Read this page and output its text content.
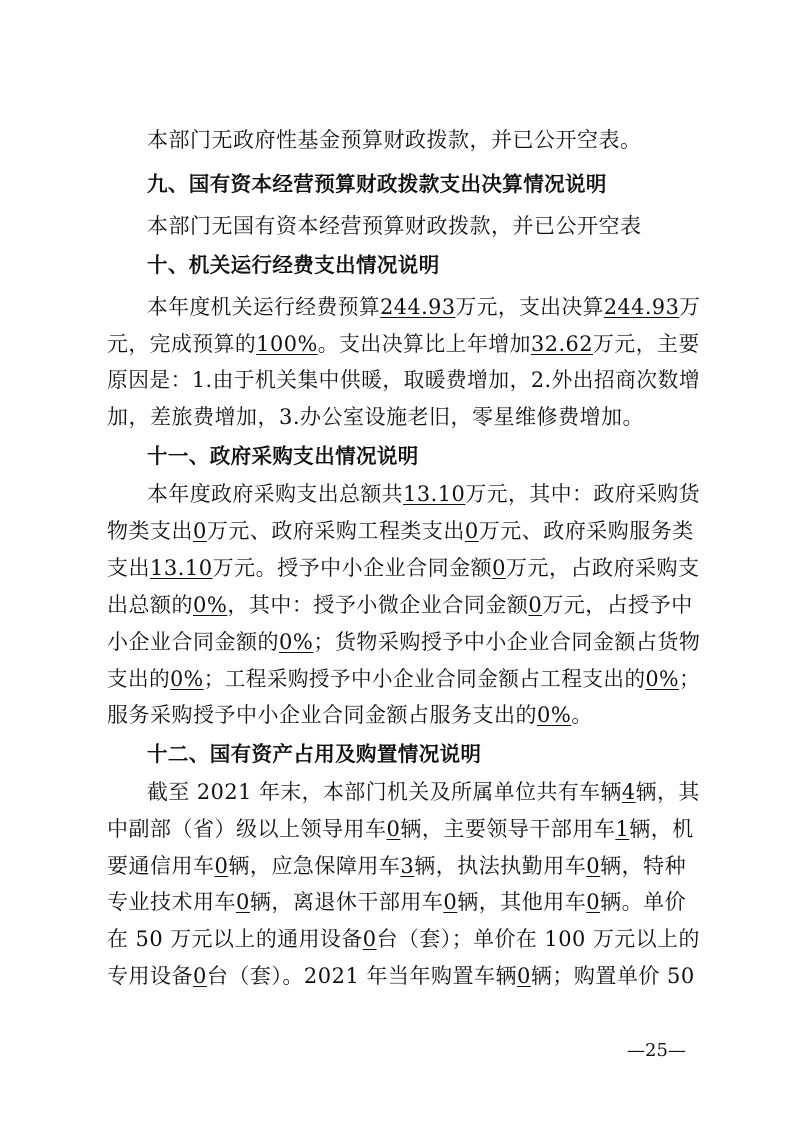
本部门无政府性基金预算财政拨款，并已公开空表。
九、国有资本经营预算财政拨款支出决算情况说明
本部门无国有资本经营预算财政拨款，并已公开空表
十、机关运行经费支出情况说明
本年度机关运行经费预算244.93万元，支出决算244.93万
元，完成预算的100%。支出决算比上年增加32.62万元，主要
原因是：1.由于机关集中供暖，取暖费增加，2.外出招商次数增
加，差旅费增加，3.办公室设施老旧，零星维修费增加。
十一、政府采购支出情况说明
本年度政府采购支出总额共13.10万元，其中：政府采购货
物类支出0万元、政府采购工程类支出0万元、政府采购服务类
支出13.10万元。授予中小企业合同金额0万元，占政府采购支
出总额的0%，其中：授予小微企业合同金额0万元，占授予中
小企业合同金额的0%；货物采购授予中小企业合同金额占货物
支出的0%；工程采购授予中小企业合同金额占工程支出的0%；
服务采购授予中小企业合同金额占服务支出的0%。
十二、国有资产占用及购置情况说明
截至 2021 年末，本部门机关及所属单位共有车辆4辆，其
中副部（省）级以上领导用车0辆，主要领导干部用车1辆，机
要通信用车0辆，应急保障用车3辆，执法执勤用车0辆，特种
专业技术用车0辆，离退休干部用车0辆，其他用车0辆。单价
在 50 万元以上的通用设备0台（套）；单价在 100 万元以上的
专用设备0台（套）。2021 年当年购置车辆0辆；购置单价 50
—25—
